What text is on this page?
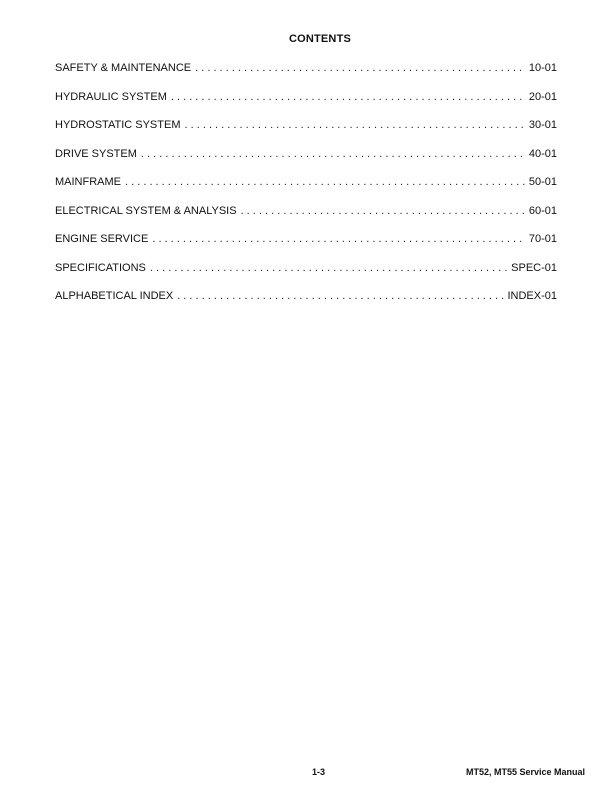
CONTENTS
SAFETY & MAINTENANCE . . .	10-01
HYDRAULIC SYSTEM . . .	20-01
HYDROSTATIC SYSTEM . . .	30-01
DRIVE SYSTEM . . .	40-01
MAINFRAME . . .	50-01
ELECTRICAL SYSTEM & ANALYSIS . . .	60-01
ENGINE SERVICE . . .	70-01
SPECIFICATIONS . . .	SPEC-01
ALPHABETICAL INDEX . . .	INDEX-01
1-3	MT52, MT55 Service Manual
